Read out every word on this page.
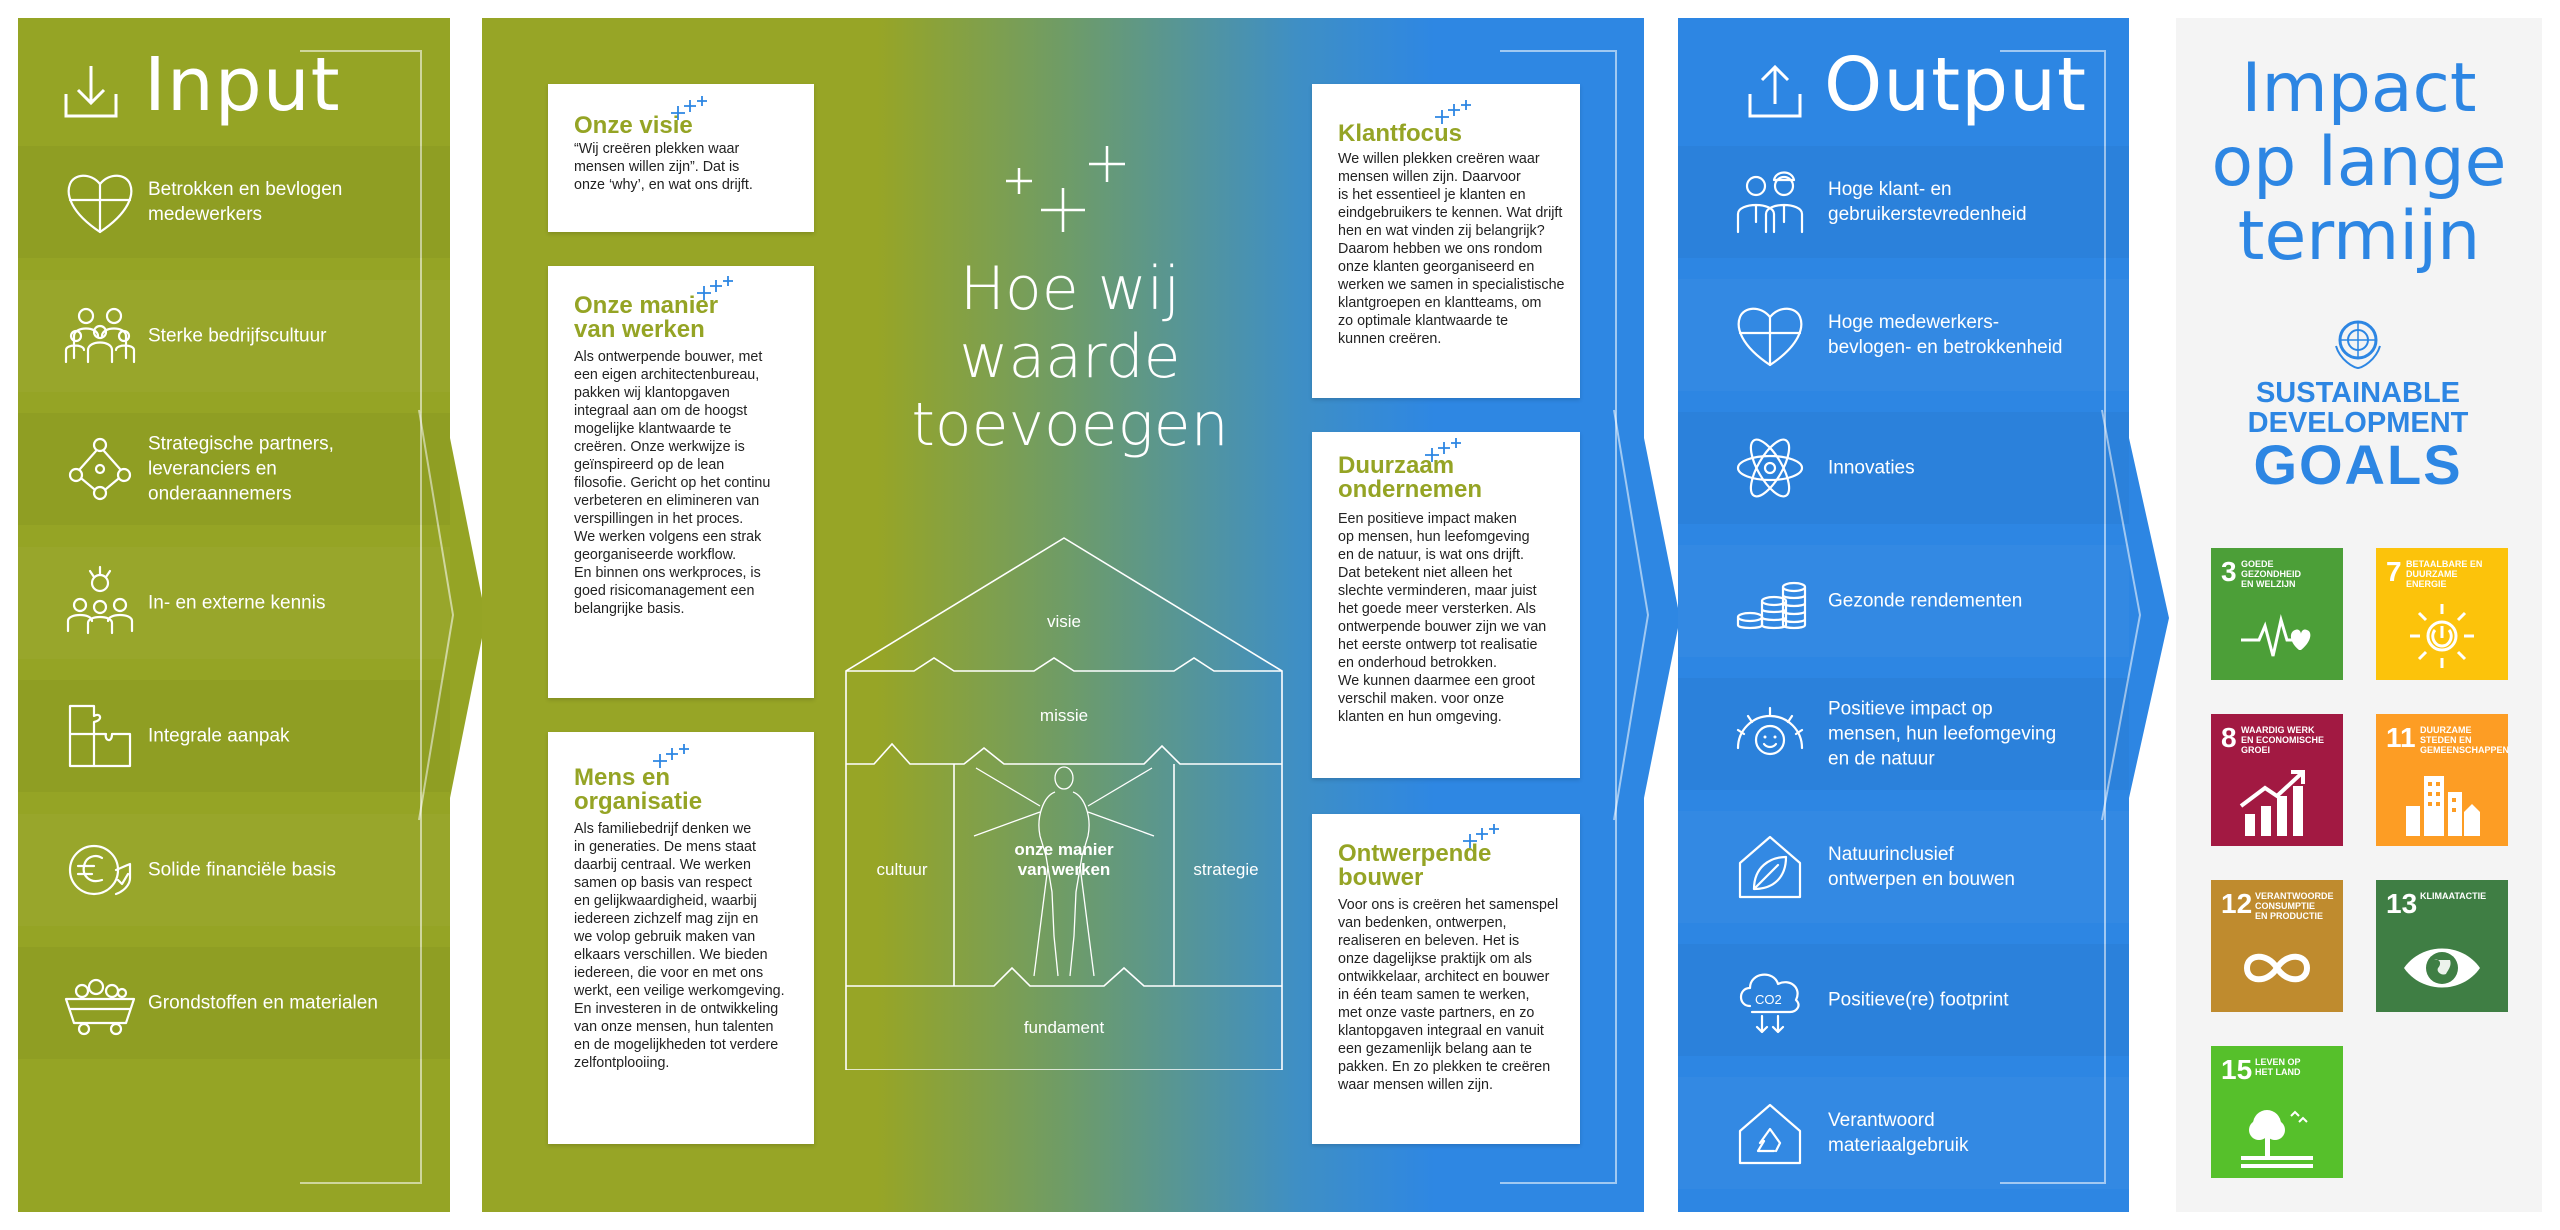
Input
Betrokken en bevlogen
medewerkers
Sterke bedrijfscultuur
Strategische partners,
leveranciers en
onderaannemers
In- en externe kennis
Integrale aanpak
Solide financiële basis
Grondstoffen en materialen
Onze visie
“Wij creëren plekken waar
mensen willen zijn”. Dat is
onze ‘why’, en wat ons drijft.
Onze manier
van werken
Als ontwerpende bouwer, met
een eigen architectenbureau,
pakken wij klantopgaven
integraal aan om de hoogst
mogelijke klantwaarde te
creëren. Onze werkwijze is
geïnspireerd op de lean
filosofie. Gericht op het continu
verbeteren en elimineren van
verspillingen in het proces.
We werken volgens een strak
georganiseerde workflow.
En binnen ons werkproces, is
goed risicomanagement een
belangrijke basis.
Mens en
organisatie
Als familiebedrijf denken we
in generaties. De mens staat
daarbij centraal. We werken
samen op basis van respect
en gelijkwaardigheid, waarbij
iedereen zichzelf mag zijn en
we volop gebruik maken van
elkaars verschillen. We bieden
iedereen, die voor en met ons
werkt, een veilige werkomgeving.
En investeren in de ontwikkeling
van onze mensen, hun talenten
en de mogelijkheden tot verdere
zelfontplooiing.
Klantfocus
We willen plekken creëren waar
mensen willen zijn. Daarvoor
is het essentieel je klanten en
eindgebruikers te kennen. Wat drijft
hen en wat vinden zij belangrijk?
Daarom hebben we ons rondom
onze klanten georganiseerd en
werken we samen in specialistische
klantgroepen en klantteams, om
zo optimale klantwaarde te
kunnen creëren.
Duurzaam
ondernemen
Een positieve impact maken
op mensen, hun leefomgeving
en de natuur, is wat ons drijft.
Dat betekent niet alleen het
slechte verminderen, maar juist
het goede meer versterken. Als
ontwerpende bouwer zijn we van
het eerste ontwerp tot realisatie
en onderhoud betrokken.
We kunnen daarmee een groot
verschil maken. voor onze
klanten en hun omgeving.
Ontwerpende
bouwer
Voor ons is creëren het samenspel
van bedenken, ontwerpen,
realiseren en beleven. Het is
onze dagelijkse praktijk om als
ontwikkelaar, architect en bouwer
in één team samen te werken,
met onze vaste partners, en zo
klantopgaven integraal en vanuit
een gezamenlijk belang aan te
pakken. En zo plekken te creëren
waar mensen willen zijn.
Hoe wij
waarde
toevoegen
visie
missie
cultuur	strategie
onze manier
van werken
fundament
Output
Hoge klant- en
gebruikerstevredenheid
Hoge medewerkers-
bevlogen- en betrokkenheid
Innovaties
Gezonde rendementen
Positieve impact op
mensen, hun leefomgeving
en de natuur
Natuurinclusief
ontwerpen en bouwen
CO2 Positieve(re) footprint
Verantwoord
materiaalgebruik
Impact
op lange
termijn
SUSTAINABLE
DEVELOPMENT
GOALS
3 GOEDE
GEZONDHEID
EN WELZIJN	7 BETAALBARE EN
DUURZAME
ENERGIE
8 WAARDIG WERK
EN ECONOMISCHE
GROEI	11 DUURZAME
STEDEN EN
GEMEENSCHAPPEN
12 VERANTWOORDE
CONSUMPTIE
EN PRODUCTIE	13 KLIMAATACTIE
15 LEVEN OP
HET LAND
